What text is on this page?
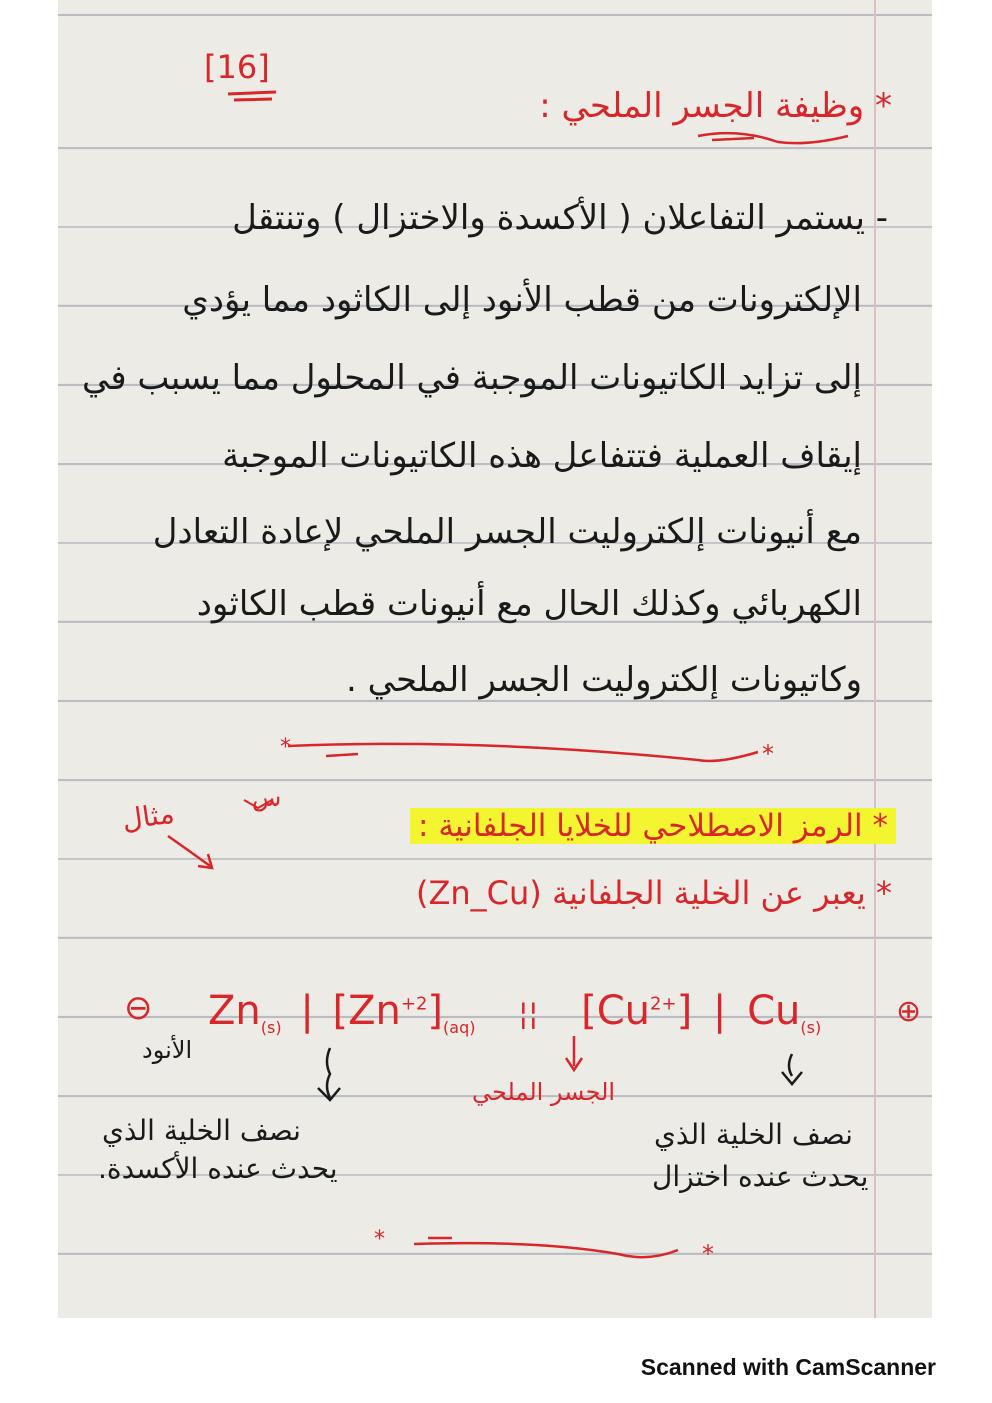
[16]
* وظيفة الجسر الملحي :
- يستمر التفاعلان ( الأكسدة والاختزال ) وتنتقل
الإلكترونات من قطب الأنود إلى الكاثود مما يؤدي
إلى تزايد الكاتيونات الموجبة في المحلول مما يسبب في
إيقاف العملية فتتفاعل هذه الكاتيونات الموجبة
مع أنيونات إلكتروليت الجسر الملحي لإعادة التعادل
الكهربائي وكذلك الحال مع أنيونات قطب الكاثود
وكاتيونات إلكتروليت الجسر الملحي .
س
* الرمز الاصطلاحي للخلايا الجلفانية :
مثال
* يعبر عن الخلية الجلفانية (Zn_Cu)
⊖ $Zn_{(s)}$ | $[Zn^{+2}]_{(aq)}$ ¦¦ $[Cu^{2+}]$ | $Cu_{(s)}$ ⊕
الأنود
الجسر الملحي
نصف الخلية الذي
يحدث عنده الأكسدة.
نصف الخلية الذي
يحدث عنده اختزال
*	*
*
*
Scanned with CamScanner
